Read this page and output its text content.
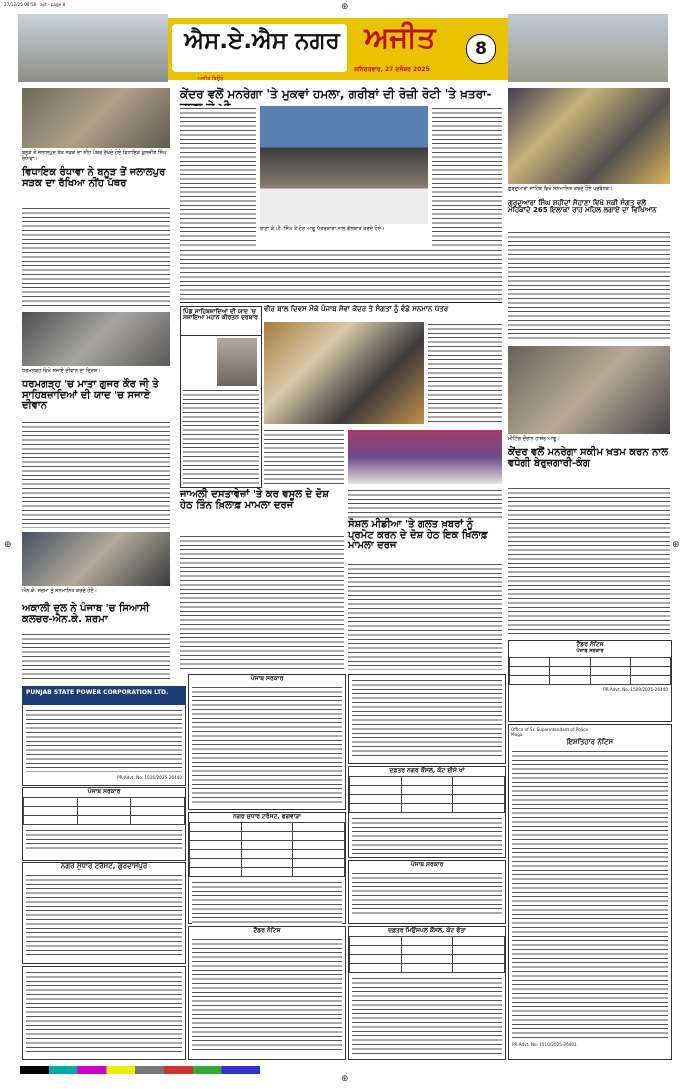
27/12/25 08:58 · ajit · page 8	⊕
⊕	⊕
⊕
ਐਸ.ਏ.ਐਸ ਨਗਰ ਅਜੀਤ	8
ਅਜੀਤ ਬਿਊਰੋ
ਸ਼ਨਿਚਰਵਾਰ, 27 ਦਸੰਬਰ 2025
ਬਨੂੜ ਤੋਂ ਜਲਾਲਪੁਰ ਤੱਕ ਸੜਕ ਦਾ ਨੀਂਹ ਪੱਥਰ ਰੱਖਦੇ ਹੋਏ ਵਿਧਾਇਕ ਕੁਲਜੀਤ ਸਿੰਘ ਰੰਧਾਵਾ।
ਵਿਧਾਇਕ ਰੰਧਾਵਾ ਨੇ ਬਨੂੜ ਤੋਂ ਜਲਾਲਪੁਰ ਸੜਕ ਦਾ ਰੱਖਿਆ ਨੀਂਹ ਪੱਥਰ
ਧਰਮਗੜ੍ਹ ਵਿਖੇ ਸਜਾਏ ਦੀਵਾਨ ਦਾ ਦ੍ਰਿਸ਼।
ਧਰਮਗੜ੍ਹ 'ਚ ਮਾਤਾ ਗੁਜਰ ਕੌਰ ਜੀ ਤੇ ਸਾਹਿਬਜ਼ਾਦਿਆਂ ਦੀ ਯਾਦ 'ਚ ਸਜਾਏ ਦੀਵਾਨ
ਐਨ.ਕੇ. ਸ਼ਰਮਾ ਨੂੰ ਸਨਮਾਨਿਤ ਕਰਦੇ ਹੋਏ।
ਅਕਾਲੀ ਦਲ ਨੇ ਪੰਜਾਬ 'ਚ ਸਿਆਸੀ ਕਲਚਰ-ਐਨ.ਕੇ. ਸ਼ਰਮਾ
PUNJAB STATE POWER CORPORATION LTD.
PR-Advt. No. 1016/2025-26440
ਪੰਜਾਬ ਸਰਕਾਰ

ਨਗਰ ਸੁਧਾਰ ਟਰੱਸਟ, ਗੁਰਦਾਸਪੁਰ
ਕੇਂਦਰ ਵਲੋਂ ਮਨਰੇਗਾ 'ਤੇ ਮੁਕਵਾਂ ਹਮਲਾ, ਗਰੀਬਾਂ ਦੀ ਰੋਜ਼ੀ ਰੋਟੀ 'ਤੇ ਖ਼ਤਰਾ-
ਰਾਣਾ ਕੇ.ਪੀ. ਸਿੰਘ ਤੇ ਹੋਰ ਆਗੂ ਪੱਤਰਕਾਰਾਂ ਨਾਲ ਗੱਲਬਾਤ ਕਰਦੇ ਹੋਏ।
ਪਿੰਡ ਸਾਹਿਬਜ਼ਾਦਿਆਂ ਦੀ ਯਾਦ 'ਚ ਸਜਾਇਆ ਮਹਾਨ ਕੀਰਤਨ ਦਰਬਾਰ
ਵੀਰ ਬਾਲ ਦਿਵਸ ਮੌਕੇ ਪੰਜਾਬ ਸੇਵਾ ਕੇਂਦਰ ਤੇ ਸੰਗਤਾਂ ਨੂੰ ਵੰਡੇ ਸਨਮਾਨ ਪੱਤਰ
ਜਾਅਲੀ ਦਸਤਾਵੇਜ਼ਾਂ 'ਤੇ ਕਰ ਵਸੂਲ ਦੇ ਦੋਸ਼ ਹੇਠ ਤਿੰਨ ਖ਼ਿਲਾਫ਼ ਮਾਮਲਾ ਦਰਜ
ਸੋਸ਼ਲ ਮੀਡੀਆ 'ਤੇ ਗਲਤ ਖ਼ਬਰਾਂ ਨੂੰ ਪ੍ਰਮੋਟ ਕਰਨ ਦੇ ਦੋਸ਼ ਹੇਠ ਇਕ ਖ਼ਿਲਾਫ਼ ਮਾਮਲਾ ਦਰਜ
ਗੁਰਦੁਆਰਾ ਸਾਹਿਬ ਵਿਖੇ ਸਨਮਾਨਿਤ ਕਰਦੇ ਹੋਏ ਪ੍ਰਬੰਧਕ।
ਗੁਰਦੁਆਰਾ ਸਿੰਘ ਸ਼ਹੀਦਾਂ ਸੋਹਾਣਾ ਵਿਖੇ ਸਕੀ ਸੰਗਤ ਵਲੋਂ ਮਹਿਕਾਂਦੇ 265 ਇਲਾਕਾ ਰਾਹ ਮਹਿਲ ਲਗਾਏ ਦਾ ਵਿਖਿਆਨ
ਮੀਟਿੰਗ ਦੌਰਾਨ ਹਾਜ਼ਰ ਆਗੂ।
ਕੇਂਦਰ ਵਲੋਂ ਮਨਰੇਗਾ ਸਕੀਮ ਖ਼ਤਮ ਕਰਨ ਨਾਲ ਵਧੇਗੀ ਬੇਰੁਜ਼ਗਾਰੀ-ਕੰਗ
ਟੈਂਡਰ ਨੋਟਿਸ
ਪੰਜਾਬ ਸਰਕਾਰ

PR-Advt. No. 1509/2025-26440
Office of Sr. Superintendent of Police Moga
ਇਸ਼ਤਿਹਾਰ ਨੋਟਿਸ
PR-Advt. No. 1510/2025-26401
ਪੰਜਾਬ ਸਰਕਾਰ
ਦਫ਼ਤਰ ਨਗਰ ਕੌਂਸਲ, ਕੋਟ ਈਸੇ ਖਾਂ

ਨਗਰ ਸੁਧਾਰ ਟਰੱਸਟ, ਫਗਵਾੜਾ

ਪੰਜਾਬ ਸਰਕਾਰ
ਟੈਂਡਰ ਨੋਟਿਸ	ਦਫ਼ਤਰ ਮਿਉਂਸਪਲ ਕੌਂਸਲ, ਕੋਟ ਫੱਤਾ
